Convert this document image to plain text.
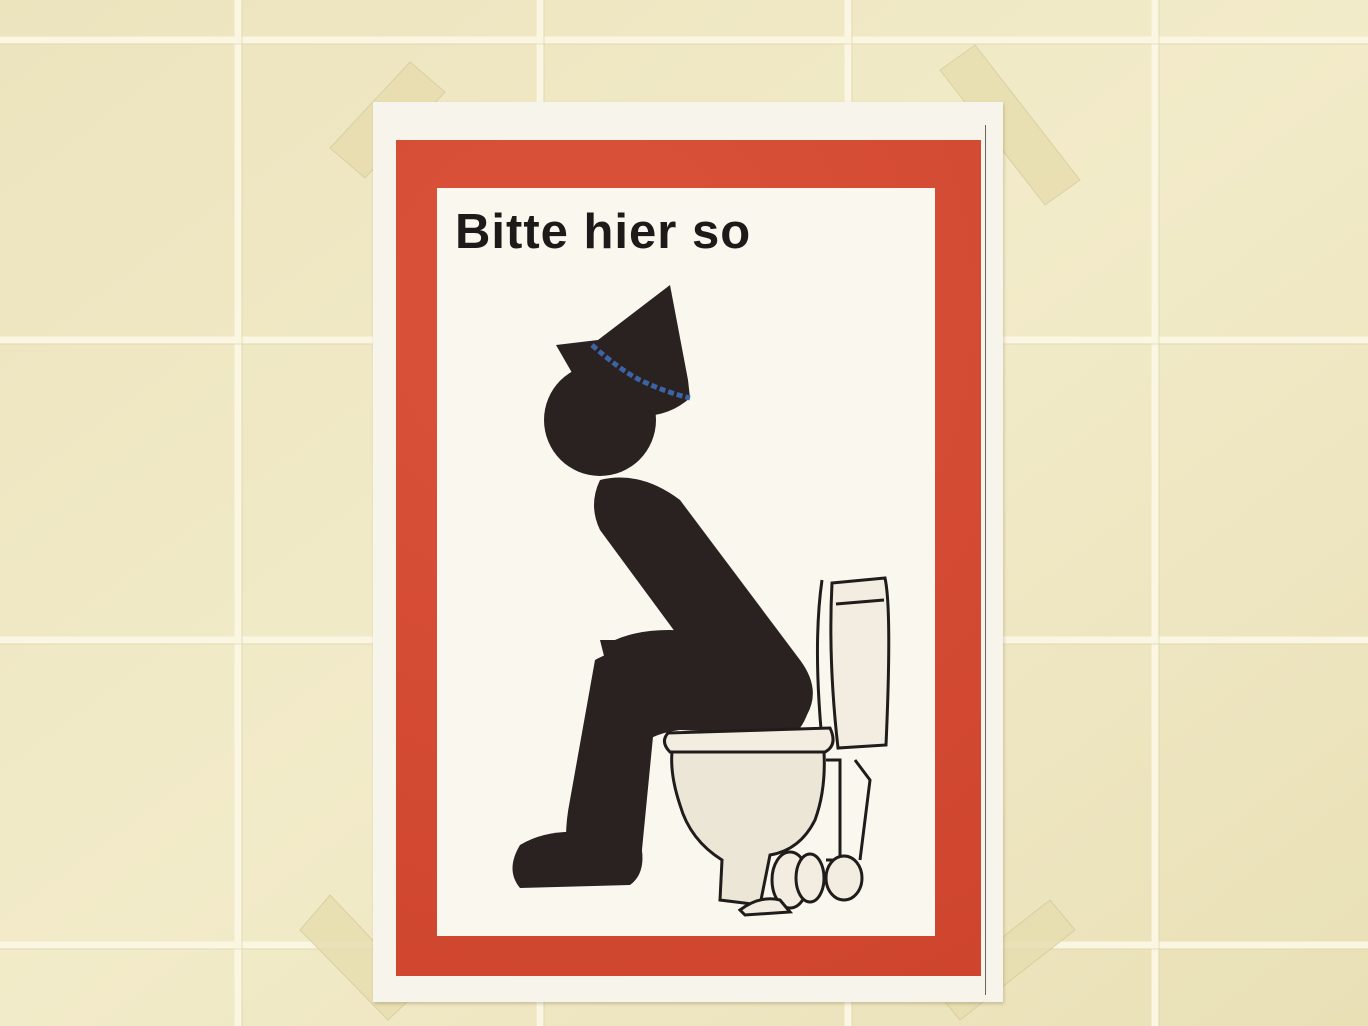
Bitte hier so
